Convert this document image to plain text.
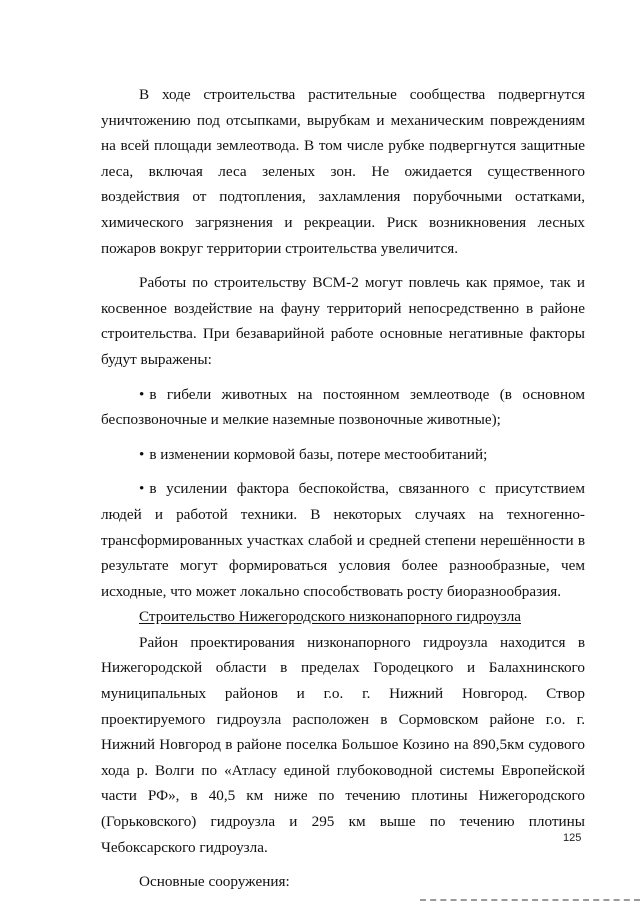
В ходе строительства растительные сообщества подвергнутся уничтожению под отсыпками, вырубкам и механическим повреждениям на всей площади землеотвода. В том числе рубке подвергнутся защитные леса, включая леса зеленых зон. Не ожидается существенного воздействия от подтопления, захламления порубочными остатками, химического загрязнения и рекреации. Риск возникновения лесных пожаров вокруг территории строительства увеличится.

Работы по строительству ВСМ-2 могут повлечь как прямое, так и косвенное воздействие на фауну территорий непосредственно в районе строительства. При безаварийной работе основные негативные факторы будут выражены:

• в гибели животных на постоянном землеотводе (в основном беспозвоночные и мелкие наземные позвоночные животные);

• в изменении кормовой базы, потере местообитаний;

• в усилении фактора беспокойства, связанного с присутствием людей и работой техники. В некоторых случаях на техногенно-трансформированных участках слабой и средней степени нерешённости в результате могут формироваться условия более разнообразные, чем исходные, что может локально способствовать росту биоразнообразия.

Строительство Нижегородского низконапорного гидроузла

Район проектирования низконапорного гидроузла находится в Нижегородской области в пределах Городецкого и Балахнинского муниципальных районов и г.о. г. Нижний Новгород. Створ проектируемого гидроузла расположен в Сормовском районе г.о. г. Нижний Новгород в районе поселка Большое Козино на 890,5км судового хода р. Волги по «Атласу единой глубоководной системы Европейской части РФ», в 40,5 км ниже по течению плотины Нижегородского (Горьковского) гидроузла и 295 км выше по течению плотины Чебоксарского гидроузла.

Основные сооружения:

125
